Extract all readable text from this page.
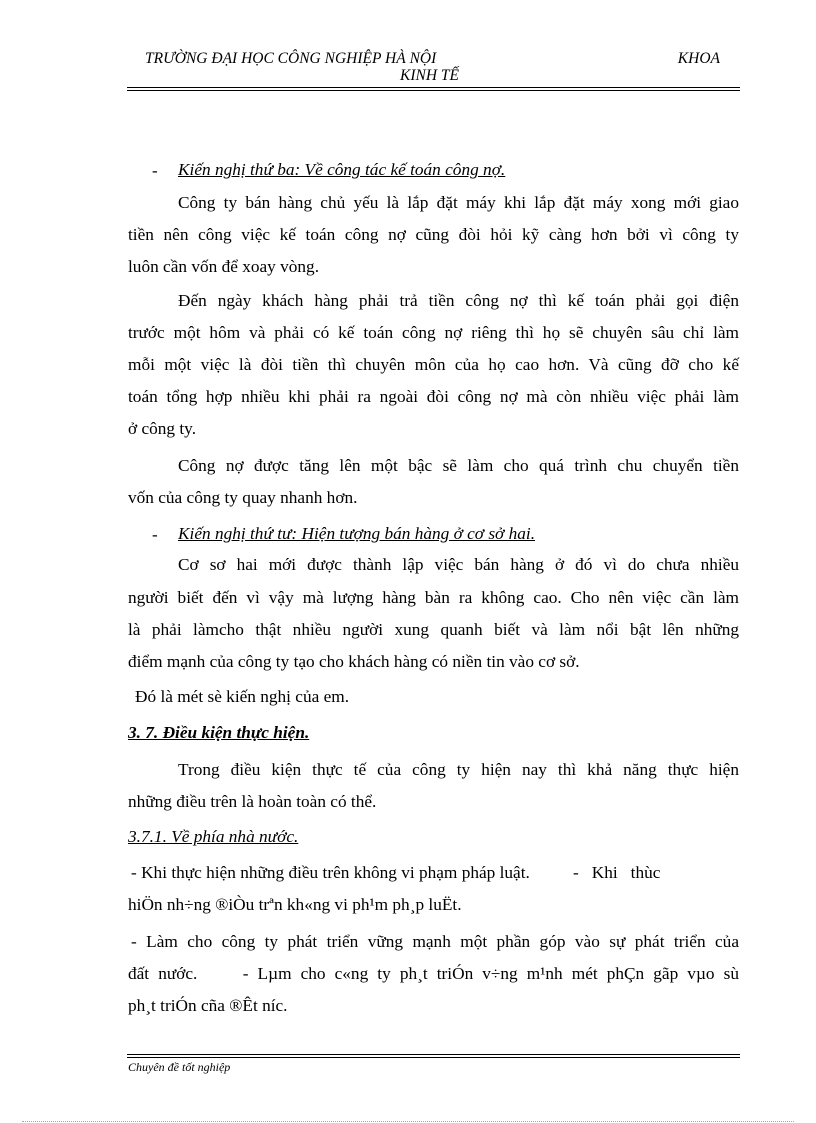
TRƯỜNG ĐẠI HỌC CÔNG NGHIỆP HÀ NỘI	KHOA
KINH TẾ
- Kiến nghị thứ ba: Về công tác kế toán công nợ.
Công ty bán hàng chủ yếu là lắp đặt máy khi lắp đặt máy xong mới giao
tiền nên công việc kế toán công nợ cũng đòi hỏi kỹ càng hơn bởi vì công ty
luôn cần vốn để xoay vòng.
Đến ngày khách hàng phải trả tiền công nợ thì kế toán phải gọi điện
trước một hôm và phải có kế toán công nợ riêng thì họ sẽ chuyên sâu chỉ làm
mỗi một việc là đòi tiền thì chuyên môn của họ cao hơn. Và cũng đỡ cho kế
toán tổng hợp nhiều khi phải ra ngoài đòi công nợ mà còn nhiều việc phải làm
ở công ty.
Công nợ được tăng lên một bậc sẽ làm cho quá trình chu chuyển tiền
vốn của công ty quay nhanh hơn.
- Kiến nghị thứ tư: Hiện tượng bán hàng ở cơ sở hai.
Cơ sơ hai mới được thành lập việc bán hàng ở đó vì do chưa nhiều
người biết đến vì vậy mà lượng hàng bàn ra không cao. Cho nên việc cần làm
là phải làmcho thật nhiều người xung quanh biết và làm nổi bật lên những
điểm mạnh của công ty tạo cho khách hàng có niền tin vào cơ sở.
Đó là mét sè kiến nghị của em.
3. 7. Điều kiện thực hiện.
Trong điều kiện thực tế của công ty hiện nay thì khả năng thực hiện
những điều trên là hoàn toàn có thể.
3.7.1. Về phía nhà nước.
- Khi thực hiện những điều trên không vi phạm pháp luật.          -   Khi   thùc
hiÖn nh÷ng ®iÒu trªn kh«ng vi ph¹m ph¸p luËt.
- Làm cho công ty phát triển vững mạnh một phần góp vào sự phát triển của
đất nước.     - Lµm cho c«ng ty ph¸t triÓn v÷ng m¹nh mét phÇn gãp vµo sù
ph¸t triÓn cña ®Êt níc.
Chuyên đề tốt nghiệp
